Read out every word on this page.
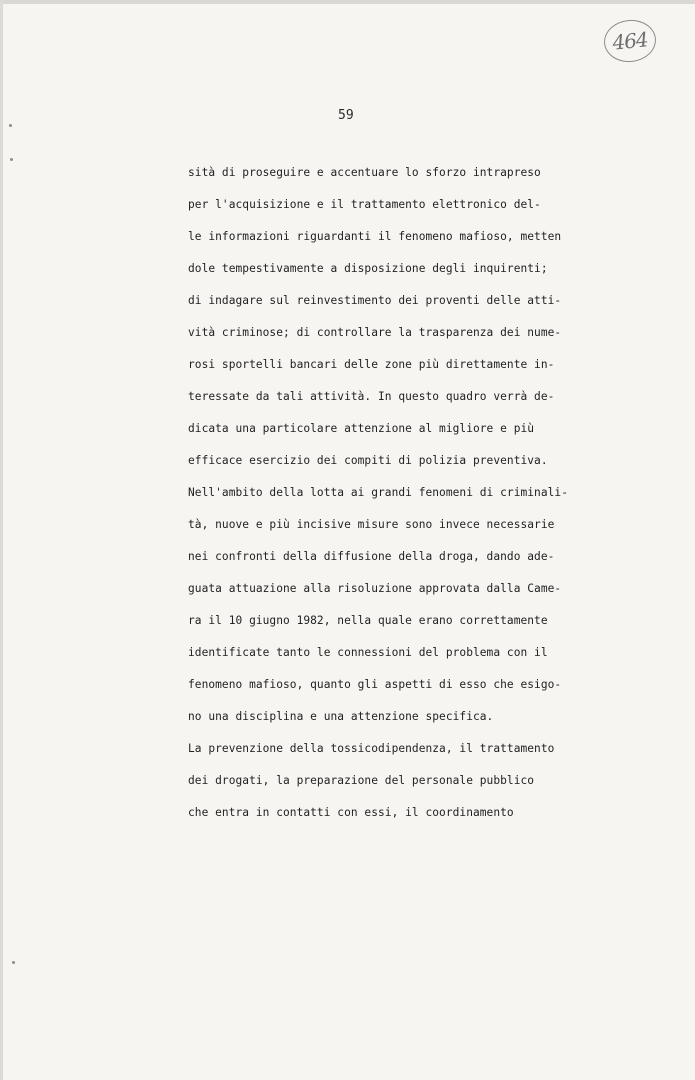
464
59
sità di proseguire e accentuare lo sforzo intrapreso
per l'acquisizione e il trattamento elettronico del-
le informazioni riguardanti il fenomeno mafioso, metten
dole tempestivamente a disposizione degli inquirenti;
di indagare sul reinvestimento dei proventi delle atti-
vità criminose; di controllare la trasparenza dei nume-
rosi sportelli bancari delle zone più direttamente in-
teressate da tali attività. In questo quadro verrà de-
dicata una particolare attenzione al migliore e più
efficace esercizio dei compiti di polizia preventiva.
Nell'ambito della lotta ai grandi fenomeni di criminali-
tà, nuove e più incisive misure sono invece necessarie
nei confronti della diffusione della droga, dando ade-
guata attuazione alla risoluzione approvata dalla Came-
ra il 10 giugno 1982, nella quale erano correttamente
identificate tanto le connessioni del problema con il
fenomeno mafioso, quanto gli aspetti di esso che esigo-
no una disciplina e una attenzione specifica.
La prevenzione della tossicodipendenza, il trattamento
dei drogati, la preparazione del personale pubblico
che entra in contatti con essi, il coordinamento
